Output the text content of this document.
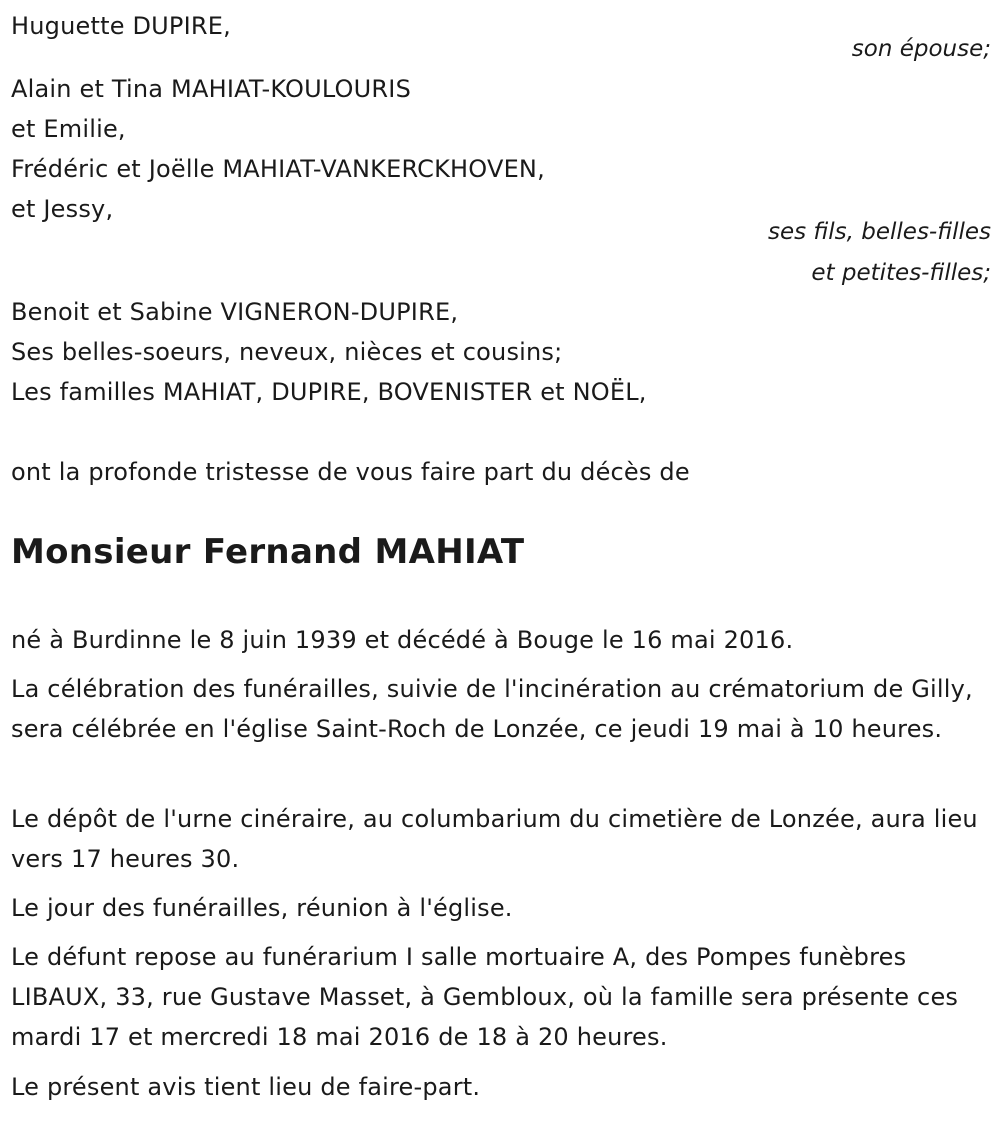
Huguette DUPIRE,
son épouse;
Alain et Tina MAHIAT-KOULOURIS
et Emilie,
Frédéric et Joëlle MAHIAT-VANKERCKHOVEN,
et Jessy,
ses fils, belles-filles
et petites-filles;
Benoit et Sabine VIGNERON-DUPIRE,
Ses belles-soeurs, neveux, nièces et cousins;
Les familles MAHIAT, DUPIRE, BOVENISTER et NOËL,
ont la profonde tristesse de vous faire part du décès de
Monsieur Fernand MAHIAT
né à Burdinne le 8 juin 1939 et décédé à Bouge le 16 mai 2016.
La célébration des funérailles, suivie de l'incinération au crématorium de Gilly, sera célébrée en l'église Saint-Roch de Lonzée, ce jeudi 19 mai à 10 heures.
Le dépôt de l'urne cinéraire, au columbarium du cimetière de Lonzée, aura lieu vers 17 heures 30.
Le jour des funérailles, réunion à l'église.
Le défunt repose au funérarium I salle mortuaire A, des Pompes funèbres LIBAUX, 33, rue Gustave Masset, à Gembloux, où la famille sera présente ces mardi 17 et mercredi 18 mai 2016 de 18 à 20 heures.
Le présent avis tient lieu de faire-part.
